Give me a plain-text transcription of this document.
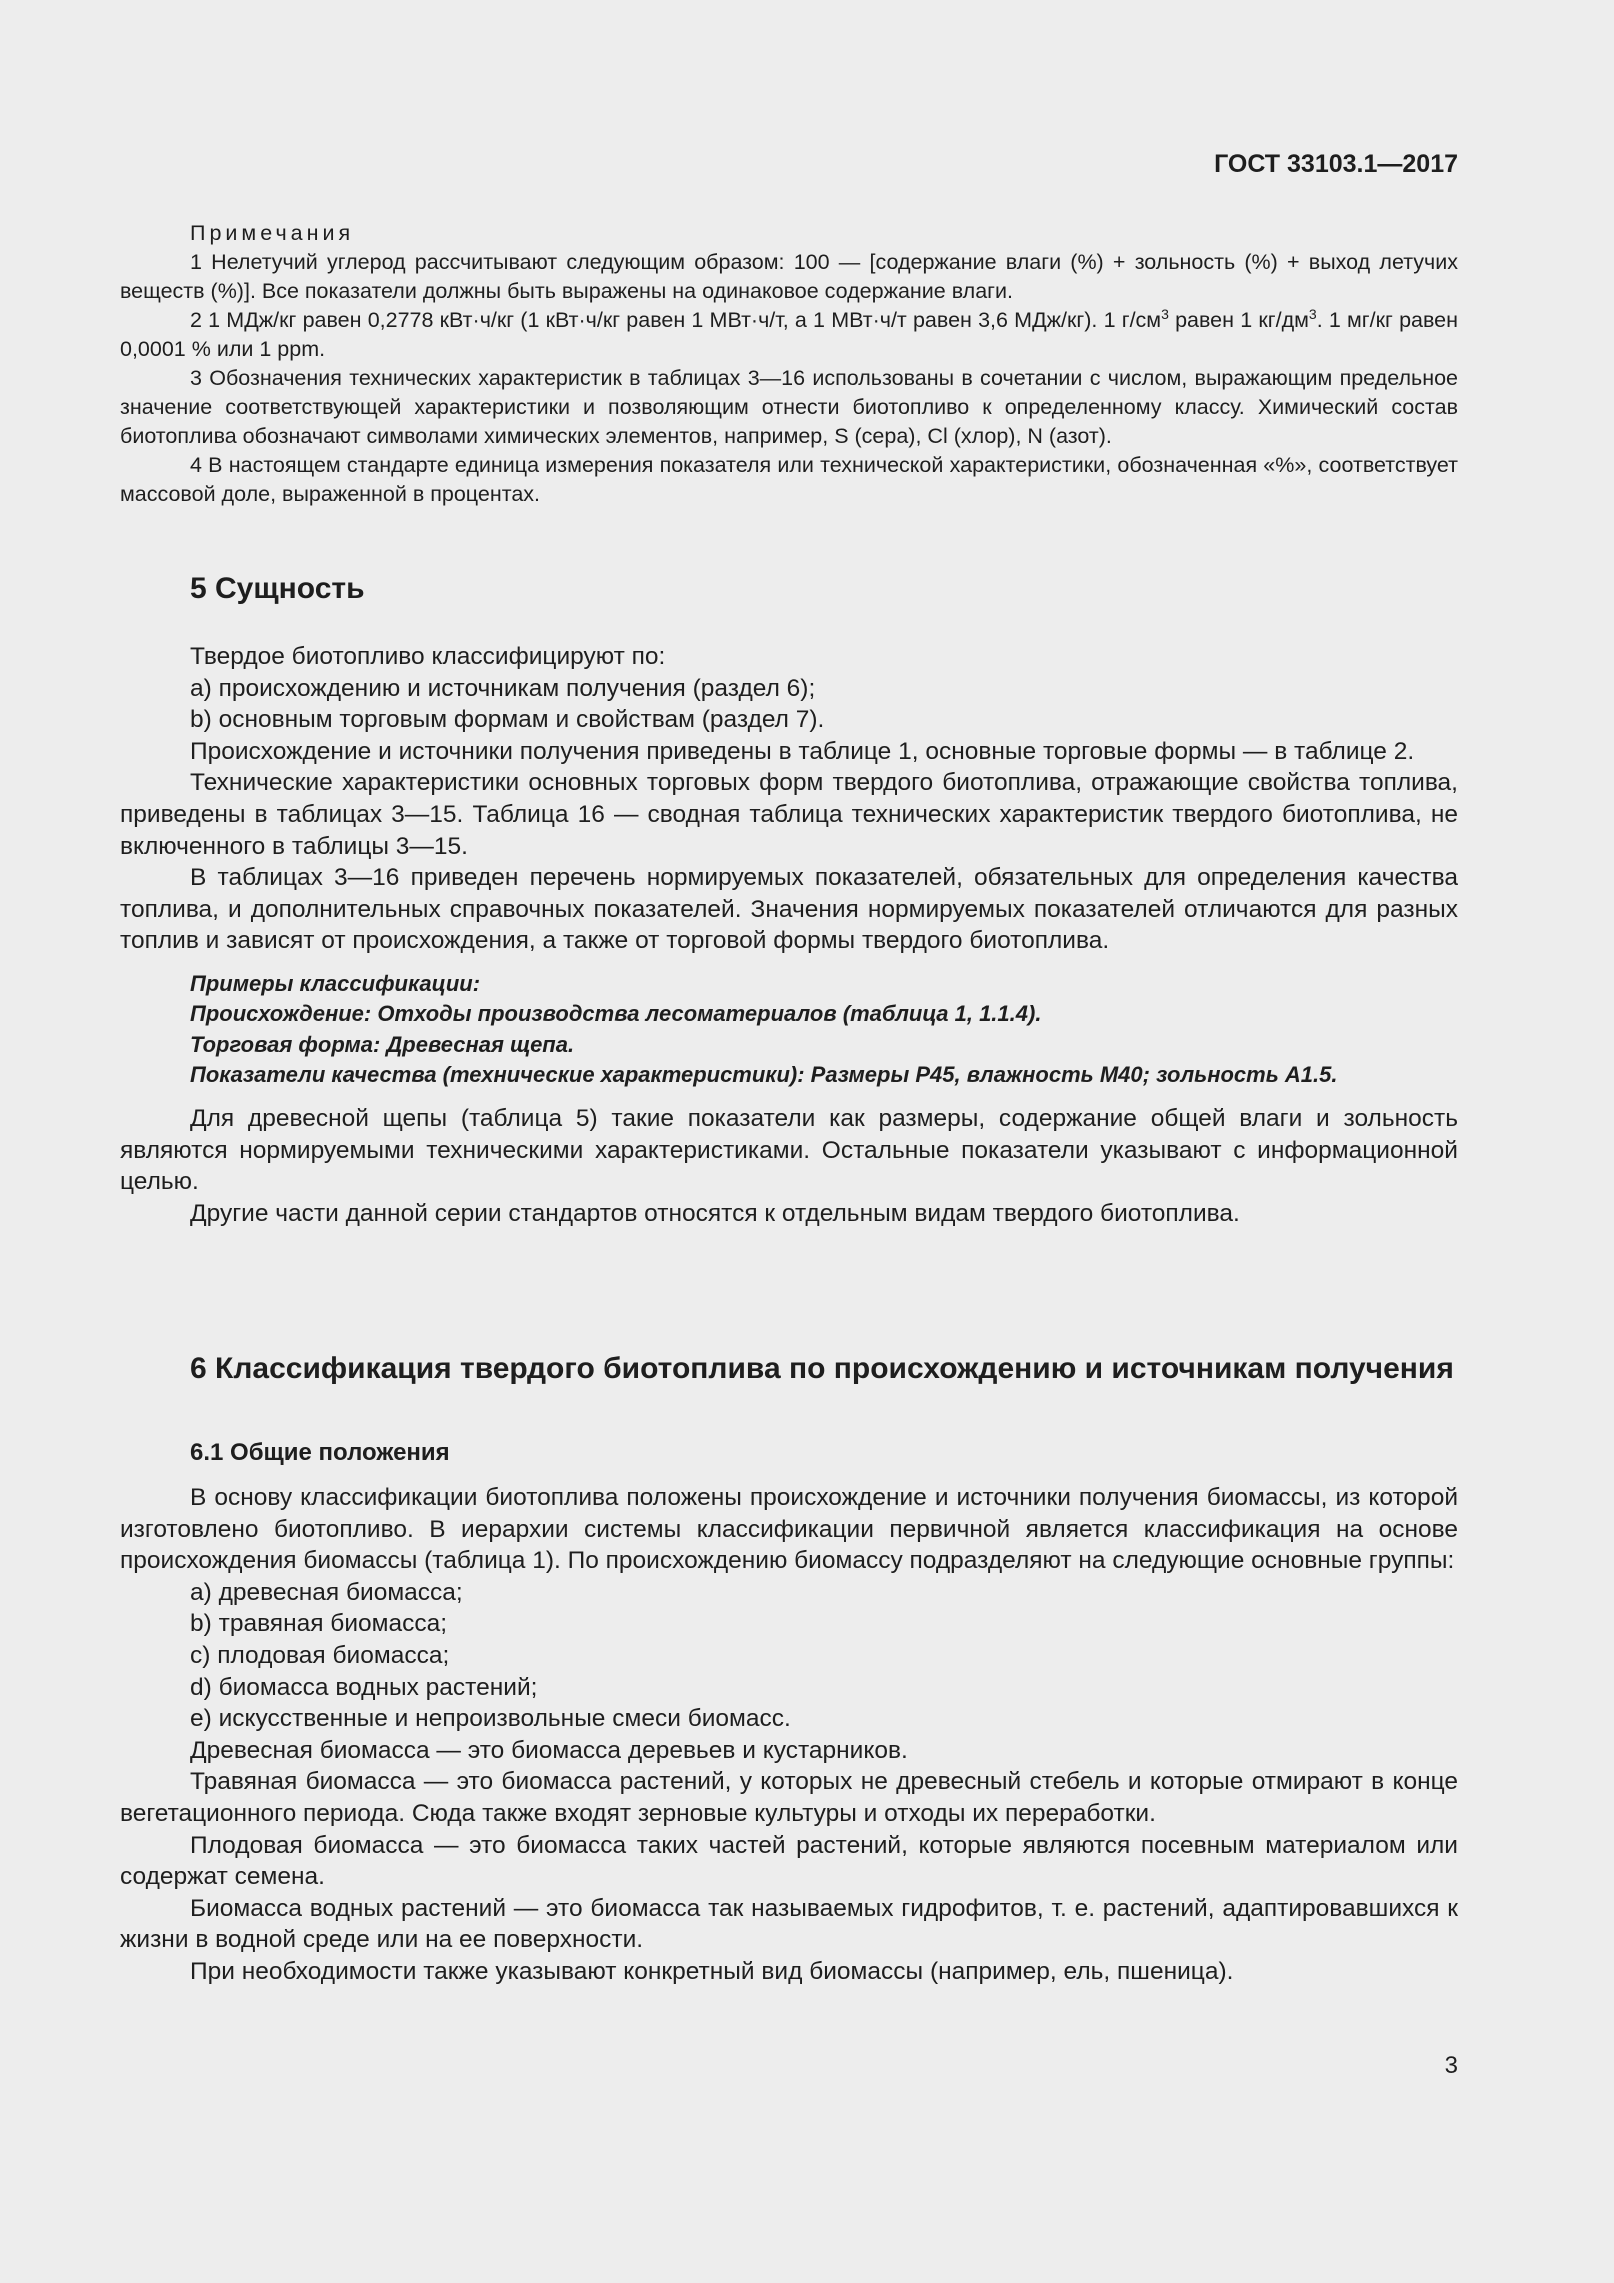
ГОСТ 33103.1—2017

Примечания

1 Нелетучий углерод рассчитывают следующим образом: 100 — [содержание влаги (%) + зольность (%) + выход летучих веществ (%)]. Все показатели должны быть выражены на одинаковое содержание влаги.

2 1 МДж/кг равен 0,2778 кВт·ч/кг (1 кВт·ч/кг равен 1 МВт·ч/т, а 1 МВт·ч/т равен 3,6 МДж/кг). 1 $г/см^3$ равен 1 $кг/дм^3$. 1 мг/кг равен 0,0001 % или 1 ppm.

3 Обозначения технических характеристик в таблицах 3—16 использованы в сочетании с числом, выражающим предельное значение соответствующей характеристики и позволяющим отнести биотопливо к определенному классу. Химический состав биотоплива обозначают символами химических элементов, например, S (сера), Cl (хлор), N (азот).

4 В настоящем стандарте единица измерения показателя или технической характеристики, обозначенная «%», соответствует массовой доле, выраженной в процентах.

5 Сущность

Твердое биотопливо классифицируют по:

a) происхождению и источникам получения (раздел 6);

b) основным торговым формам и свойствам (раздел 7).

Происхождение и источники получения приведены в таблице 1, основные торговые формы — в таблице 2.

Технические характеристики основных торговых форм твердого биотоплива, отражающие свойства топлива, приведены в таблицах 3—15. Таблица 16 — сводная таблица технических характеристик твердого биотоплива, не включенного в таблицы 3—15.

В таблицах 3—16 приведен перечень нормируемых показателей, обязательных для определения качества топлива, и дополнительных справочных показателей. Значения нормируемых показателей отличаются для разных топлив и зависят от происхождения, а также от торговой формы твердого биотоплива.

Примеры классификации:

Происхождение: Отходы производства лесоматериалов (таблица 1, 1.1.4).

Торговая форма: Древесная щепа.

Показатели качества (технические характеристики): Размеры P45, влажность M40; зольность A1.5.

Для древесной щепы (таблица 5) такие показатели как размеры, содержание общей влаги и зольность являются нормируемыми техническими характеристиками. Остальные показатели указывают с информационной целью.

Другие части данной серии стандартов относятся к отдельным видам твердого биотоплива.

6 Классификация твердого биотоплива по происхождению и источникам получения
6.1 Общие положения

В основу классификации биотоплива положены происхождение и источники получения биомассы, из которой изготовлено биотопливо. В иерархии системы классификации первичной является классификация на основе происхождения биомассы (таблица 1). По происхождению биомассу подразделяют на следующие основные группы:

a) древесная биомасса;

b) травяная биомасса;

c) плодовая биомасса;

d) биомасса водных растений;

e) искусственные и непроизвольные смеси биомасс.

Древесная биомасса — это биомасса деревьев и кустарников.

Травяная биомасса — это биомасса растений, у которых не древесный стебель и которые отмирают в конце вегетационного периода. Сюда также входят зерновые культуры и отходы их переработки.

Плодовая биомасса — это биомасса таких частей растений, которые являются посевным материалом или содержат семена.

Биомасса водных растений — это биомасса так называемых гидрофитов, т. е. растений, адаптировавшихся к жизни в водной среде или на ее поверхности.

При необходимости также указывают конкретный вид биомассы (например, ель, пшеница).

3
